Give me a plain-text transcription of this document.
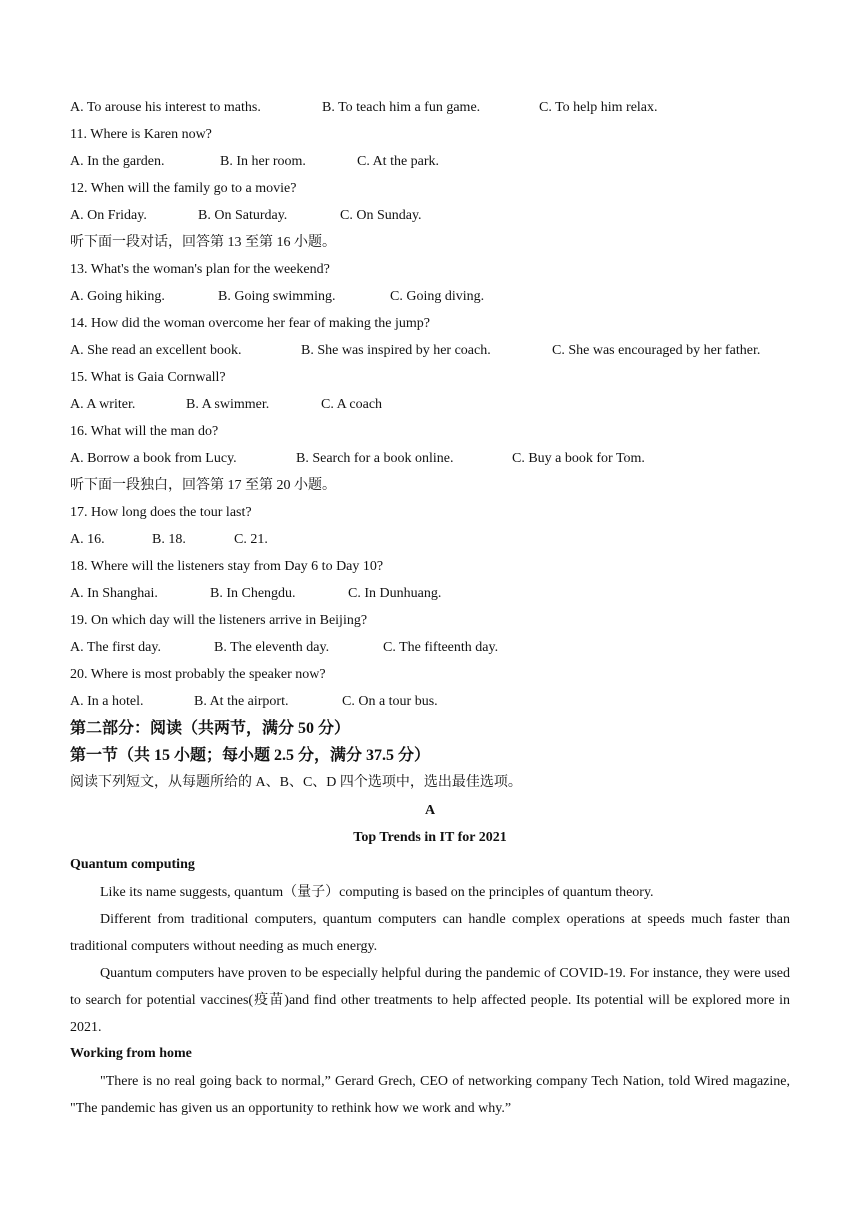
A. To arouse his interest to maths.	B. To teach him a fun game.	C. To help him relax.
11. Where is Karen now?
A. In the garden.	B. In her room.	C. At the park.
12. When will the family go to a movie?
A. On Friday.	B. On Saturday.	C. On Sunday.
听下面一段对话，回答第 13 至第 16 小题。
13. What's the woman's plan for the weekend?
A. Going hiking.	B. Going swimming.	C. Going diving.
14. How did the woman overcome her fear of making the jump?
A. She read an excellent book.	B. She was inspired by her coach.	C. She was encouraged by her father.
15. What is Gaia Cornwall?
A. A writer.	B. A swimmer.	C. A coach
16. What will the man do?
A. Borrow a book from Lucy.	B. Search for a book online.	C. Buy a book for Tom.
听下面一段独白，回答第 17 至第 20 小题。
17. How long does the tour last?
A. 16.	B. 18.	C. 21.
18. Where will the listeners stay from Day 6 to Day 10?
A. In Shanghai.	B. In Chengdu.	C. In Dunhuang.
19. On which day will the listeners arrive in Beijing?
A. The first day.	B. The eleventh day.	C. The fifteenth day.
20. Where is most probably the speaker now?
A. In a hotel.	B. At the airport.	C. On a tour bus.
第二部分：阅读（共两节，满分 50 分）
第一节（共 15 小题；每小题 2.5 分，满分 37.5 分）
阅读下列短文，从每题所给的 A、B、C、D 四个选项中，选出最佳选项。
A
Top Trends in IT for 2021
Quantum computing
Like its name suggests, quantum（量子）computing is based on the principles of quantum theory.
Different from traditional computers, quantum computers can handle complex operations at speeds much faster than traditional computers without needing as much energy.
Quantum computers have proven to be especially helpful during the pandemic of COVID-19. For instance, they were used to search for potential vaccines(疫苗)and find other treatments to help affected people. Its potential will be explored more in 2021.
Working from home
"There is no real going back to normal,” Gerard Grech, CEO of networking company Tech Nation, told Wired magazine, "The pandemic has given us an opportunity to rethink how we work and why.”
